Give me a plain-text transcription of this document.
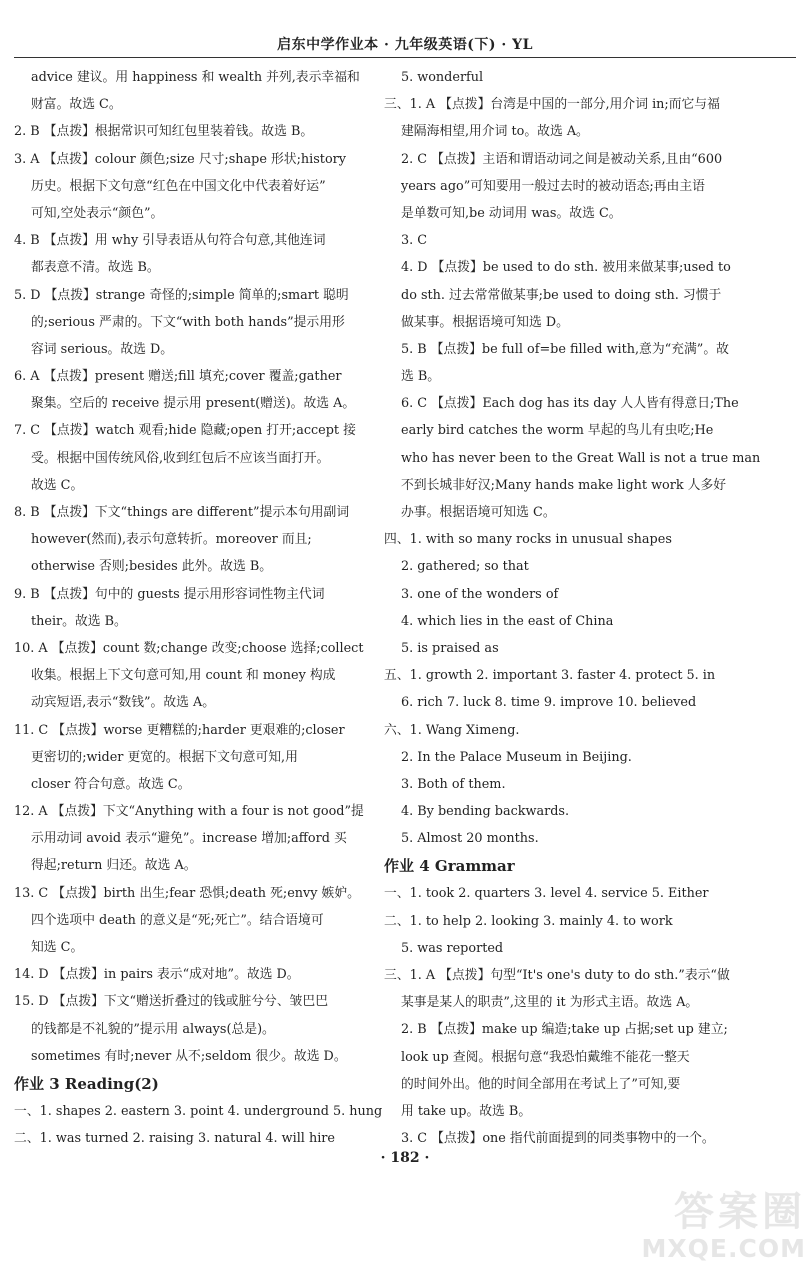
启东中学作业本 · 九年级英语(下) · YL
advice 建议。用 happiness 和 wealth 并列,表示幸福和
财富。故选 C。
2. B 【点拨】根据常识可知红包里装着钱。故选 B。
3. A 【点拨】colour 颜色;size 尺寸;shape 形状;history
历史。根据下文句意“红色在中国文化中代表着好运”
可知,空处表示“颜色”。
4. B 【点拨】用 why 引导表语从句符合句意,其他连词
都表意不清。故选 B。
5. D 【点拨】strange 奇怪的;simple 简单的;smart 聪明
的;serious 严肃的。下文“with both hands”提示用形
容词 serious。故选 D。
6. A 【点拨】present 赠送;fill 填充;cover 覆盖;gather
聚集。空后的 receive 提示用 present(赠送)。故选 A。
7. C 【点拨】watch 观看;hide 隐藏;open 打开;accept 接
受。根据中国传统风俗,收到红包后不应该当面打开。
故选 C。
8. B 【点拨】下文“things are different”提示本句用副词
however(然而),表示句意转折。moreover 而且;
otherwise 否则;besides 此外。故选 B。
9. B 【点拨】句中的 guests 提示用形容词性物主代词
their。故选 B。
10. A 【点拨】count 数;change 改变;choose 选择;collect
收集。根据上下文句意可知,用 count 和 money 构成
动宾短语,表示“数钱”。故选 A。
11. C 【点拨】worse 更糟糕的;harder 更艰难的;closer
更密切的;wider 更宽的。根据下文句意可知,用
closer 符合句意。故选 C。
12. A 【点拨】下文“Anything with a four is not good”提
示用动词 avoid 表示“避免”。increase 增加;afford 买
得起;return 归还。故选 A。
13. C 【点拨】birth 出生;fear 恐惧;death 死;envy 嫉妒。
四个选项中 death 的意义是“死;死亡”。结合语境可
知选 C。
14. D 【点拨】in pairs 表示“成对地”。故选 D。
15. D 【点拨】下文“赠送折叠过的钱或脏兮兮、皱巴巴
的钱都是不礼貌的”提示用 always(总是)。
sometimes 有时;never 从不;seldom 很少。故选 D。
作业 3 Reading(2)
一、1. shapes 2. eastern 3. point 4. underground 5. hung
二、1. was turned 2. raising 3. natural 4. will hire
5. wonderful
三、1. A 【点拨】台湾是中国的一部分,用介词 in;而它与福
建隔海相望,用介词 to。故选 A。
2. C 【点拨】主语和谓语动词之间是被动关系,且由“600
years ago”可知要用一般过去时的被动语态;再由主语
是单数可知,be 动词用 was。故选 C。
3. C
4. D 【点拨】be used to do sth. 被用来做某事;used to
do sth. 过去常常做某事;be used to doing sth. 习惯于
做某事。根据语境可知选 D。
5. B 【点拨】be full of=be filled with,意为“充满”。故
选 B。
6. C 【点拨】Each dog has its day 人人皆有得意日;The
early bird catches the worm 早起的鸟儿有虫吃;He
who has never been to the Great Wall is not a true man
不到长城非好汉;Many hands make light work 人多好
办事。根据语境可知选 C。
四、1. with so many rocks in unusual shapes
2. gathered; so that
3. one of the wonders of
4. which lies in the east of China
5. is praised as
五、1. growth 2. important 3. faster 4. protect 5. in
6. rich 7. luck 8. time 9. improve 10. believed
六、1. Wang Ximeng.
2. In the Palace Museum in Beijing.
3. Both of them.
4. By bending backwards.
5. Almost 20 months.
作业 4 Grammar
一、1. took 2. quarters 3. level 4. service 5. Either
二、1. to help 2. looking 3. mainly 4. to work
5. was reported
三、1. A 【点拨】句型“It's one's duty to do sth.”表示“做
某事是某人的职责”,这里的 it 为形式主语。故选 A。
2. B 【点拨】make up 编造;take up 占据;set up 建立;
look up 查阅。根据句意“我恐怕戴维不能花一整天
的时间外出。他的时间全部用在考试上了”可知,要
用 take up。故选 B。
3. C 【点拨】one 指代前面提到的同类事物中的一个。
· 182 ·
答案圈
MXQE.COM
